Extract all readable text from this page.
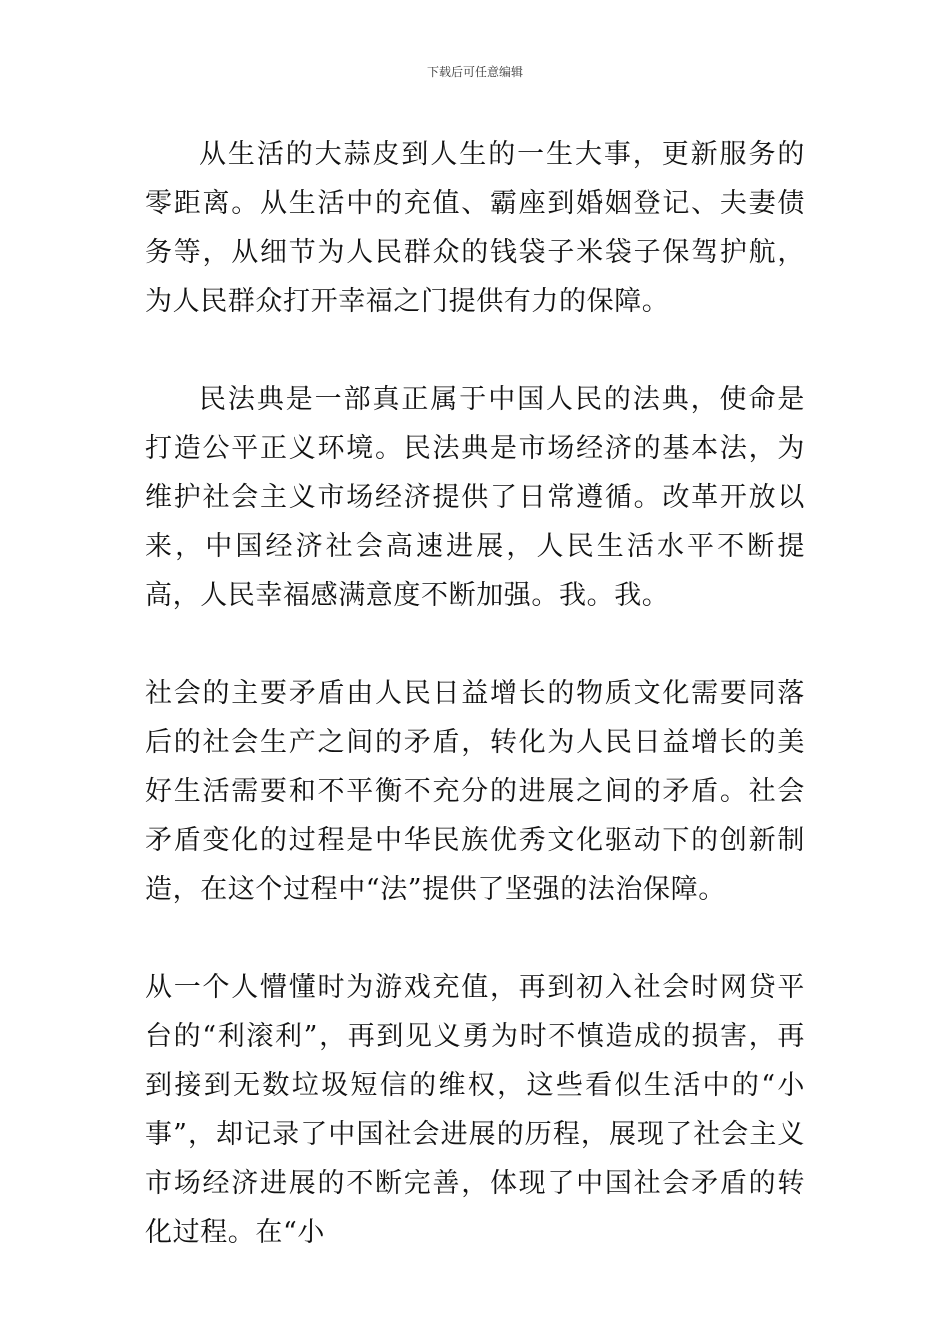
下载后可任意编辑

从生活的大蒜皮到人生的一生大事，更新服务的零距离。从生活中的充值、霸座到婚姻登记、夫妻债务等，从细节为人民群众的钱袋子米袋子保驾护航，为人民群众打开幸福之门提供有力的保障。

民法典是一部真正属于中国人民的法典，使命是打造公平正义环境。民法典是市场经济的基本法，为维护社会主义市场经济提供了日常遵循。改革开放以来，中国经济社会高速进展，人民生活水平不断提高，人民幸福感满意度不断加强。我。我。

社会的主要矛盾由人民日益增长的物质文化需要同落后的社会生产之间的矛盾，转化为人民日益增长的美好生活需要和不平衡不充分的进展之间的矛盾。社会矛盾变化的过程是中华民族优秀文化驱动下的创新制造，在这个过程中“法”提供了坚强的法治保障。

从一个人懵懂时为游戏充值，再到初入社会时网贷平台的“利滚利”，再到见义勇为时不慎造成的损害，再到接到无数垃圾短信的维权，这些看似生活中的“小事”，却记录了中国社会进展的历程，展现了社会主义市场经济进展的不断完善，体现了中国社会矛盾的转化过程。在“小
